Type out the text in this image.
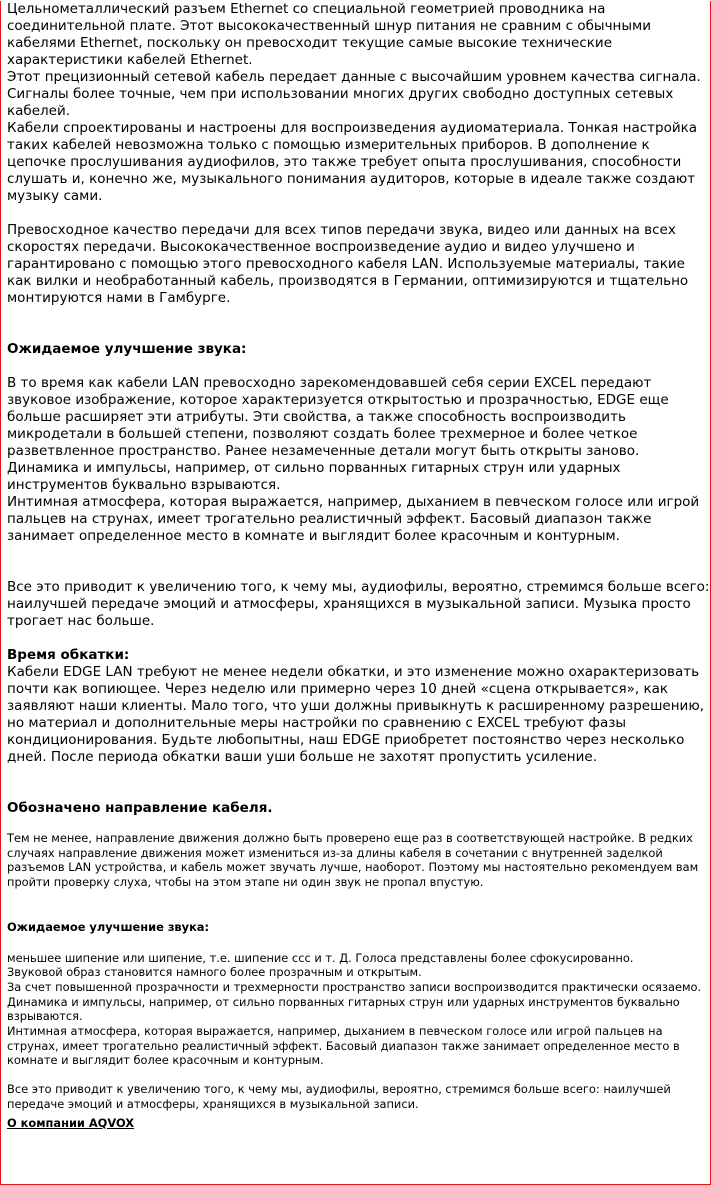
Цельнометаллический разъем Ethernet со специальной геометрией проводника на соединительной плате. Этот высококачественный шнур питания не сравним с обычными кабелями Ethernet, поскольку он превосходит текущие самые высокие технические характеристики кабелей Ethernet.

Этот прецизионный сетевой кабель передает данные с высочайшим уровнем качества сигнала. Сигналы более точные, чем при использовании многих других свободно доступных сетевых кабелей.

Кабели спроектированы и настроены для воспроизведения аудиоматериала. Тонкая настройка таких кабелей невозможна только с помощью измерительных приборов. В дополнение к цепочке прослушивания аудиофилов, это также требует опыта прослушивания, способности слушать и, конечно же, музыкального понимания аудиторов, которые в идеале также создают музыку сами.

Превосходное качество передачи для всех типов передачи звука, видео или данных на всех скоростях передачи. Высококачественное воспроизведение аудио и видео улучшено и гарантировано с помощью этого превосходного кабеля LAN. Используемые материалы, такие как вилки и необработанный кабель, производятся в Германии, оптимизируются и тщательно монтируются нами в Гамбурге.

Ожидаемое улучшение звука:

В то время как кабели LAN превосходно зарекомендовавшей себя серии EXCEL передают звуковое изображение, которое характеризуется открытостью и прозрачностью, EDGE еще больше расширяет эти атрибуты. Эти свойства, а также способность воспроизводить микродетали в большей степени, позволяют создать более трехмерное и более четкое разветвленное пространство. Ранее незамеченные детали могут быть открыты заново. Динамика и импульсы, например, от сильно порванных гитарных струн или ударных инструментов буквально взрываются.

Интимная атмосфера, которая выражается, например, дыханием в певческом голосе или игрой пальцев на струнах, имеет трогательно реалистичный эффект. Басовый диапазон также занимает определенное место в комнате и выглядит более красочным и контурным.

Все это приводит к увеличению того, к чему мы, аудиофилы, вероятно, стремимся больше всего: наилучшей передаче эмоций и атмосферы, хранящихся в музыкальной записи. Музыка просто трогает нас больше.

Время обкатки:

Кабели EDGE LAN требуют не менее недели обкатки, и это изменение можно охарактеризовать почти как вопиющее. Через неделю или примерно через 10 дней «сцена открывается», как заявляют наши клиенты. Мало того, что уши должны привыкнуть к расширенному разрешению, но материал и дополнительные меры настройки по сравнению с EXCEL требуют фазы кондиционирования. Будьте любопытны, наш EDGE приобретет постоянство через несколько дней. После периода обкатки ваши уши больше не захотят пропустить усиление.

Обозначено направление кабеля.

Тем не менее, направление движения должно быть проверено еще раз в соответствующей настройке. В редких случаях направление движения может измениться из-за длины кабеля в сочетании с внутренней заделкой разъемов LAN устройства, и кабель может звучать лучше, наоборот. Поэтому мы настоятельно рекомендуем вам пройти проверку слуха, чтобы на этом этапе ни один звук не пропал впустую.

Ожидаемое улучшение звука:

меньшее шипение или шипение, т.е. шипение ссс и т. Д. Голоса представлены более сфокусированно.

Звуковой образ становится намного более прозрачным и открытым.

За счет повышенной прозрачности и трехмерности пространство записи воспроизводится практически осязаемо. Динамика и импульсы, например, от сильно порванных гитарных струн или ударных инструментов буквально взрываются.

Интимная атмосфера, которая выражается, например, дыханием в певческом голосе или игрой пальцев на струнах, имеет трогательно реалистичный эффект. Басовый диапазон также занимает определенное место в комнате и выглядит более красочным и контурным.

Все это приводит к увеличению того, к чему мы, аудиофилы, вероятно, стремимся больше всего: наилучшей передаче эмоций и атмосферы, хранящихся в музыкальной записи.

О компании AQVOX
